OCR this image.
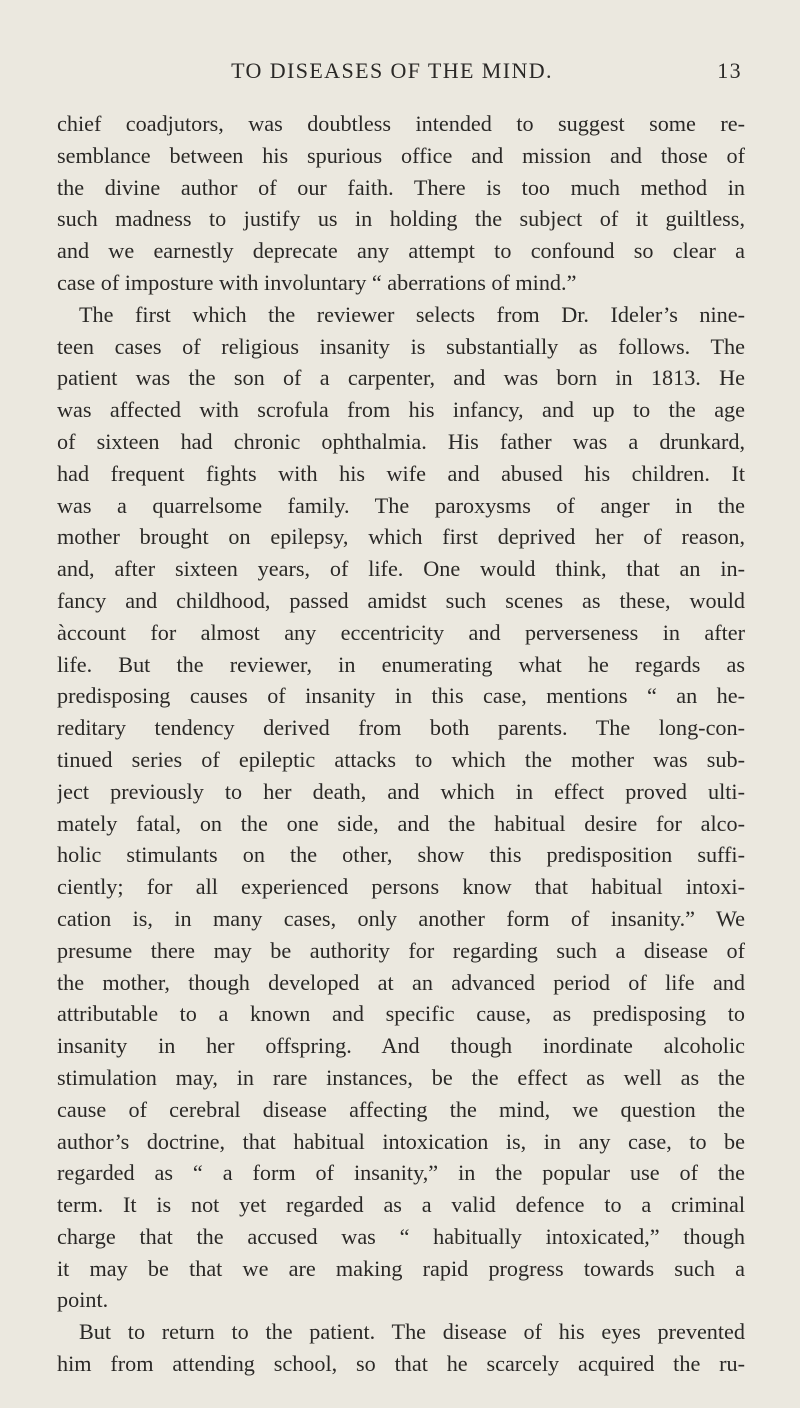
TO DISEASES OF THE MIND.	13
chief coadjutors, was doubtless intended to suggest some re-
semblance between his spurious office and mission and those of
the divine author of our faith. There is too much method in
such madness to justify us in holding the subject of it guiltless,
and we earnestly deprecate any attempt to confound so clear a
case of imposture with involuntary “ aberrations of mind.”
The first which the reviewer selects from Dr. Ideler’s nine-
teen cases of religious insanity is substantially as follows. The
patient was the son of a carpenter, and was born in 1813. He
was affected with scrofula from his infancy, and up to the age
of sixteen had chronic ophthalmia. His father was a drunkard,
had frequent fights with his wife and abused his children. It
was a quarrelsome family. The paroxysms of anger in the
mother brought on epilepsy, which first deprived her of reason,
and, after sixteen years, of life. One would think, that an in-
fancy and childhood, passed amidst such scenes as these, would
àccount for almost any eccentricity and perverseness in after
life. But the reviewer, in enumerating what he regards as
predisposing causes of insanity in this case, mentions “ an he-
reditary tendency derived from both parents. The long-con-
tinued series of epileptic attacks to which the mother was sub-
ject previously to her death, and which in effect proved ulti-
mately fatal, on the one side, and the habitual desire for alco-
holic stimulants on the other, show this predisposition suffi-
ciently; for all experienced persons know that habitual intoxi-
cation is, in many cases, only another form of insanity.” We
presume there may be authority for regarding such a disease of
the mother, though developed at an advanced period of life and
attributable to a known and specific cause, as predisposing to
insanity in her offspring. And though inordinate alcoholic
stimulation may, in rare instances, be the effect as well as the
cause of cerebral disease affecting the mind, we question the
author’s doctrine, that habitual intoxication is, in any case, to be
regarded as “ a form of insanity,” in the popular use of the
term. It is not yet regarded as a valid defence to a criminal
charge that the accused was “ habitually intoxicated,” though
it may be that we are making rapid progress towards such a
point.
But to return to the patient. The disease of his eyes prevented
him from attending school, so that he scarcely acquired the ru-
